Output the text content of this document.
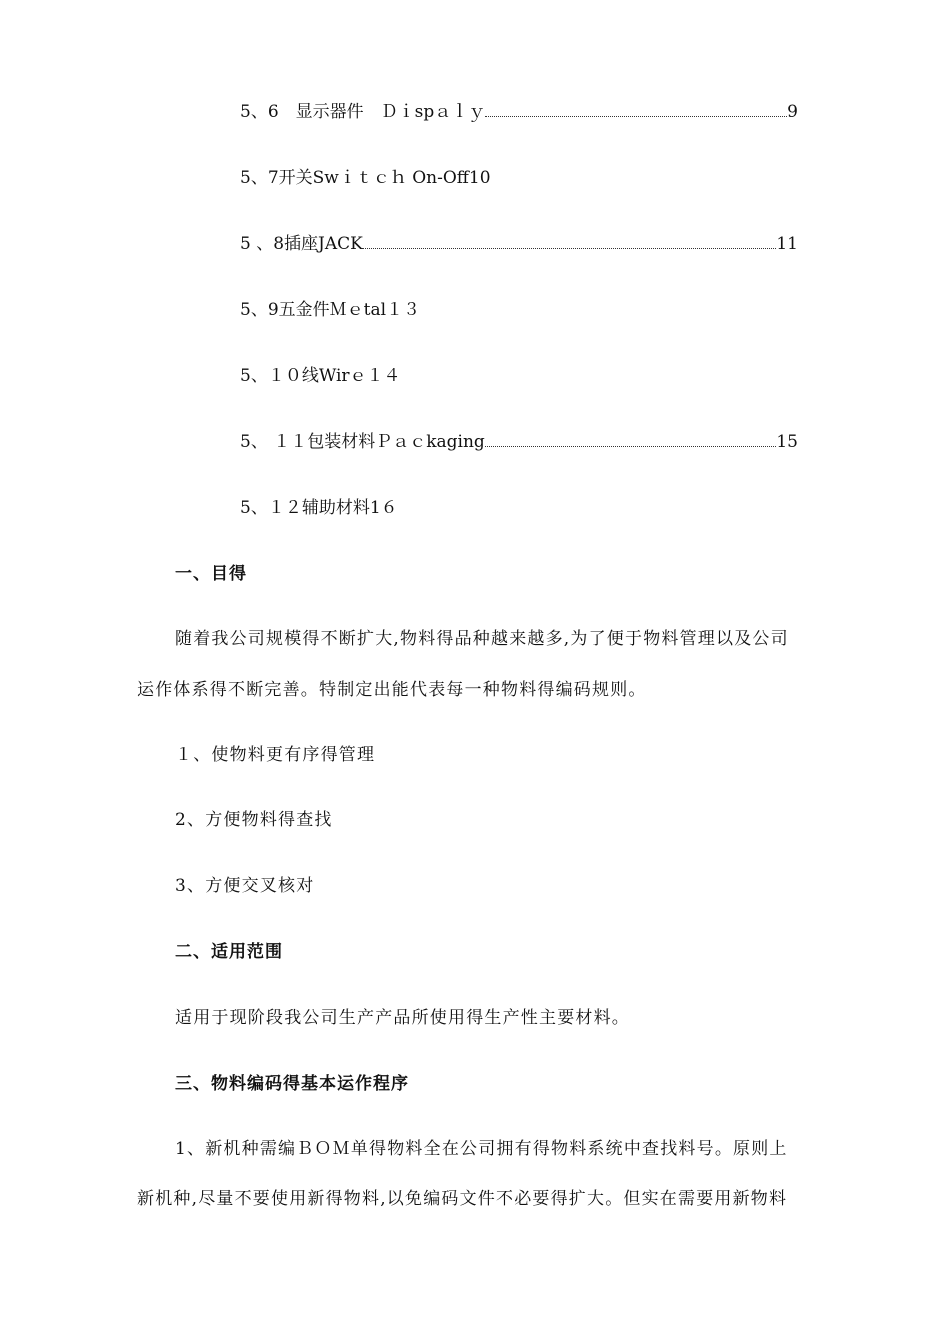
5、6　显示器件　Ｄｉspａｌｙ	9
5、7开关Swｉｔｃｈ On-Off10
5 、8插座JACK	11
5、9五金件Ｍｅtal１３
5、１０线Wirｅ１４
5、 １１包装材料Ｐａｃkaging	15
5、１２辅助材料1６
一、目得
随着我公司规模得不断扩大,物料得品种越来越多,为了便于物料管理以及公司
运作体系得不断完善。特制定出能代表每一种物料得编码规则。
１、使物料更有序得管理
2、方便物料得查找
3、方便交叉核对
二、适用范围
适用于现阶段我公司生产产品所使用得生产性主要材料。
三、物料编码得基本运作程序
1、新机种需编ＢＯＭ单得物料全在公司拥有得物料系统中查找料号。原则上
新机种,尽量不要使用新得物料,以免编码文件不必要得扩大。但实在需要用新物料
